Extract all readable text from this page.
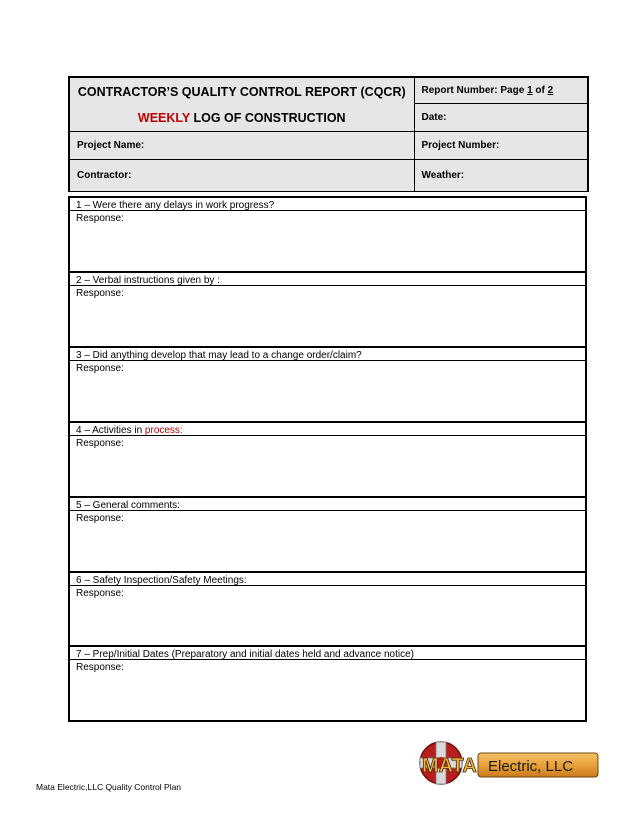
CONTRACTOR’S QUALITY CONTROL REPORT (CQCR)
WEEKLY LOG OF CONSTRUCTION	Report Number: Page 1 of 2
	Date:
Project Name:	Project Number:
Contractor:	Weather:
1 – Were there any delays in work progress?
Response:
2 – Verbal instructions given by :
Response:
3 – Did anything develop that may lead to a change order/claim?
Response:
4 – Activities in process:
Response:
5 – General comments:
Response:
6 – Safety Inspection/Safety Meetings:
Response:
7 – Prep/Initial Dates (Preparatory and initial dates held and advance notice)
Response:
MATA Electric, LLC
Mata Electric,LLC Quality Control Plan
